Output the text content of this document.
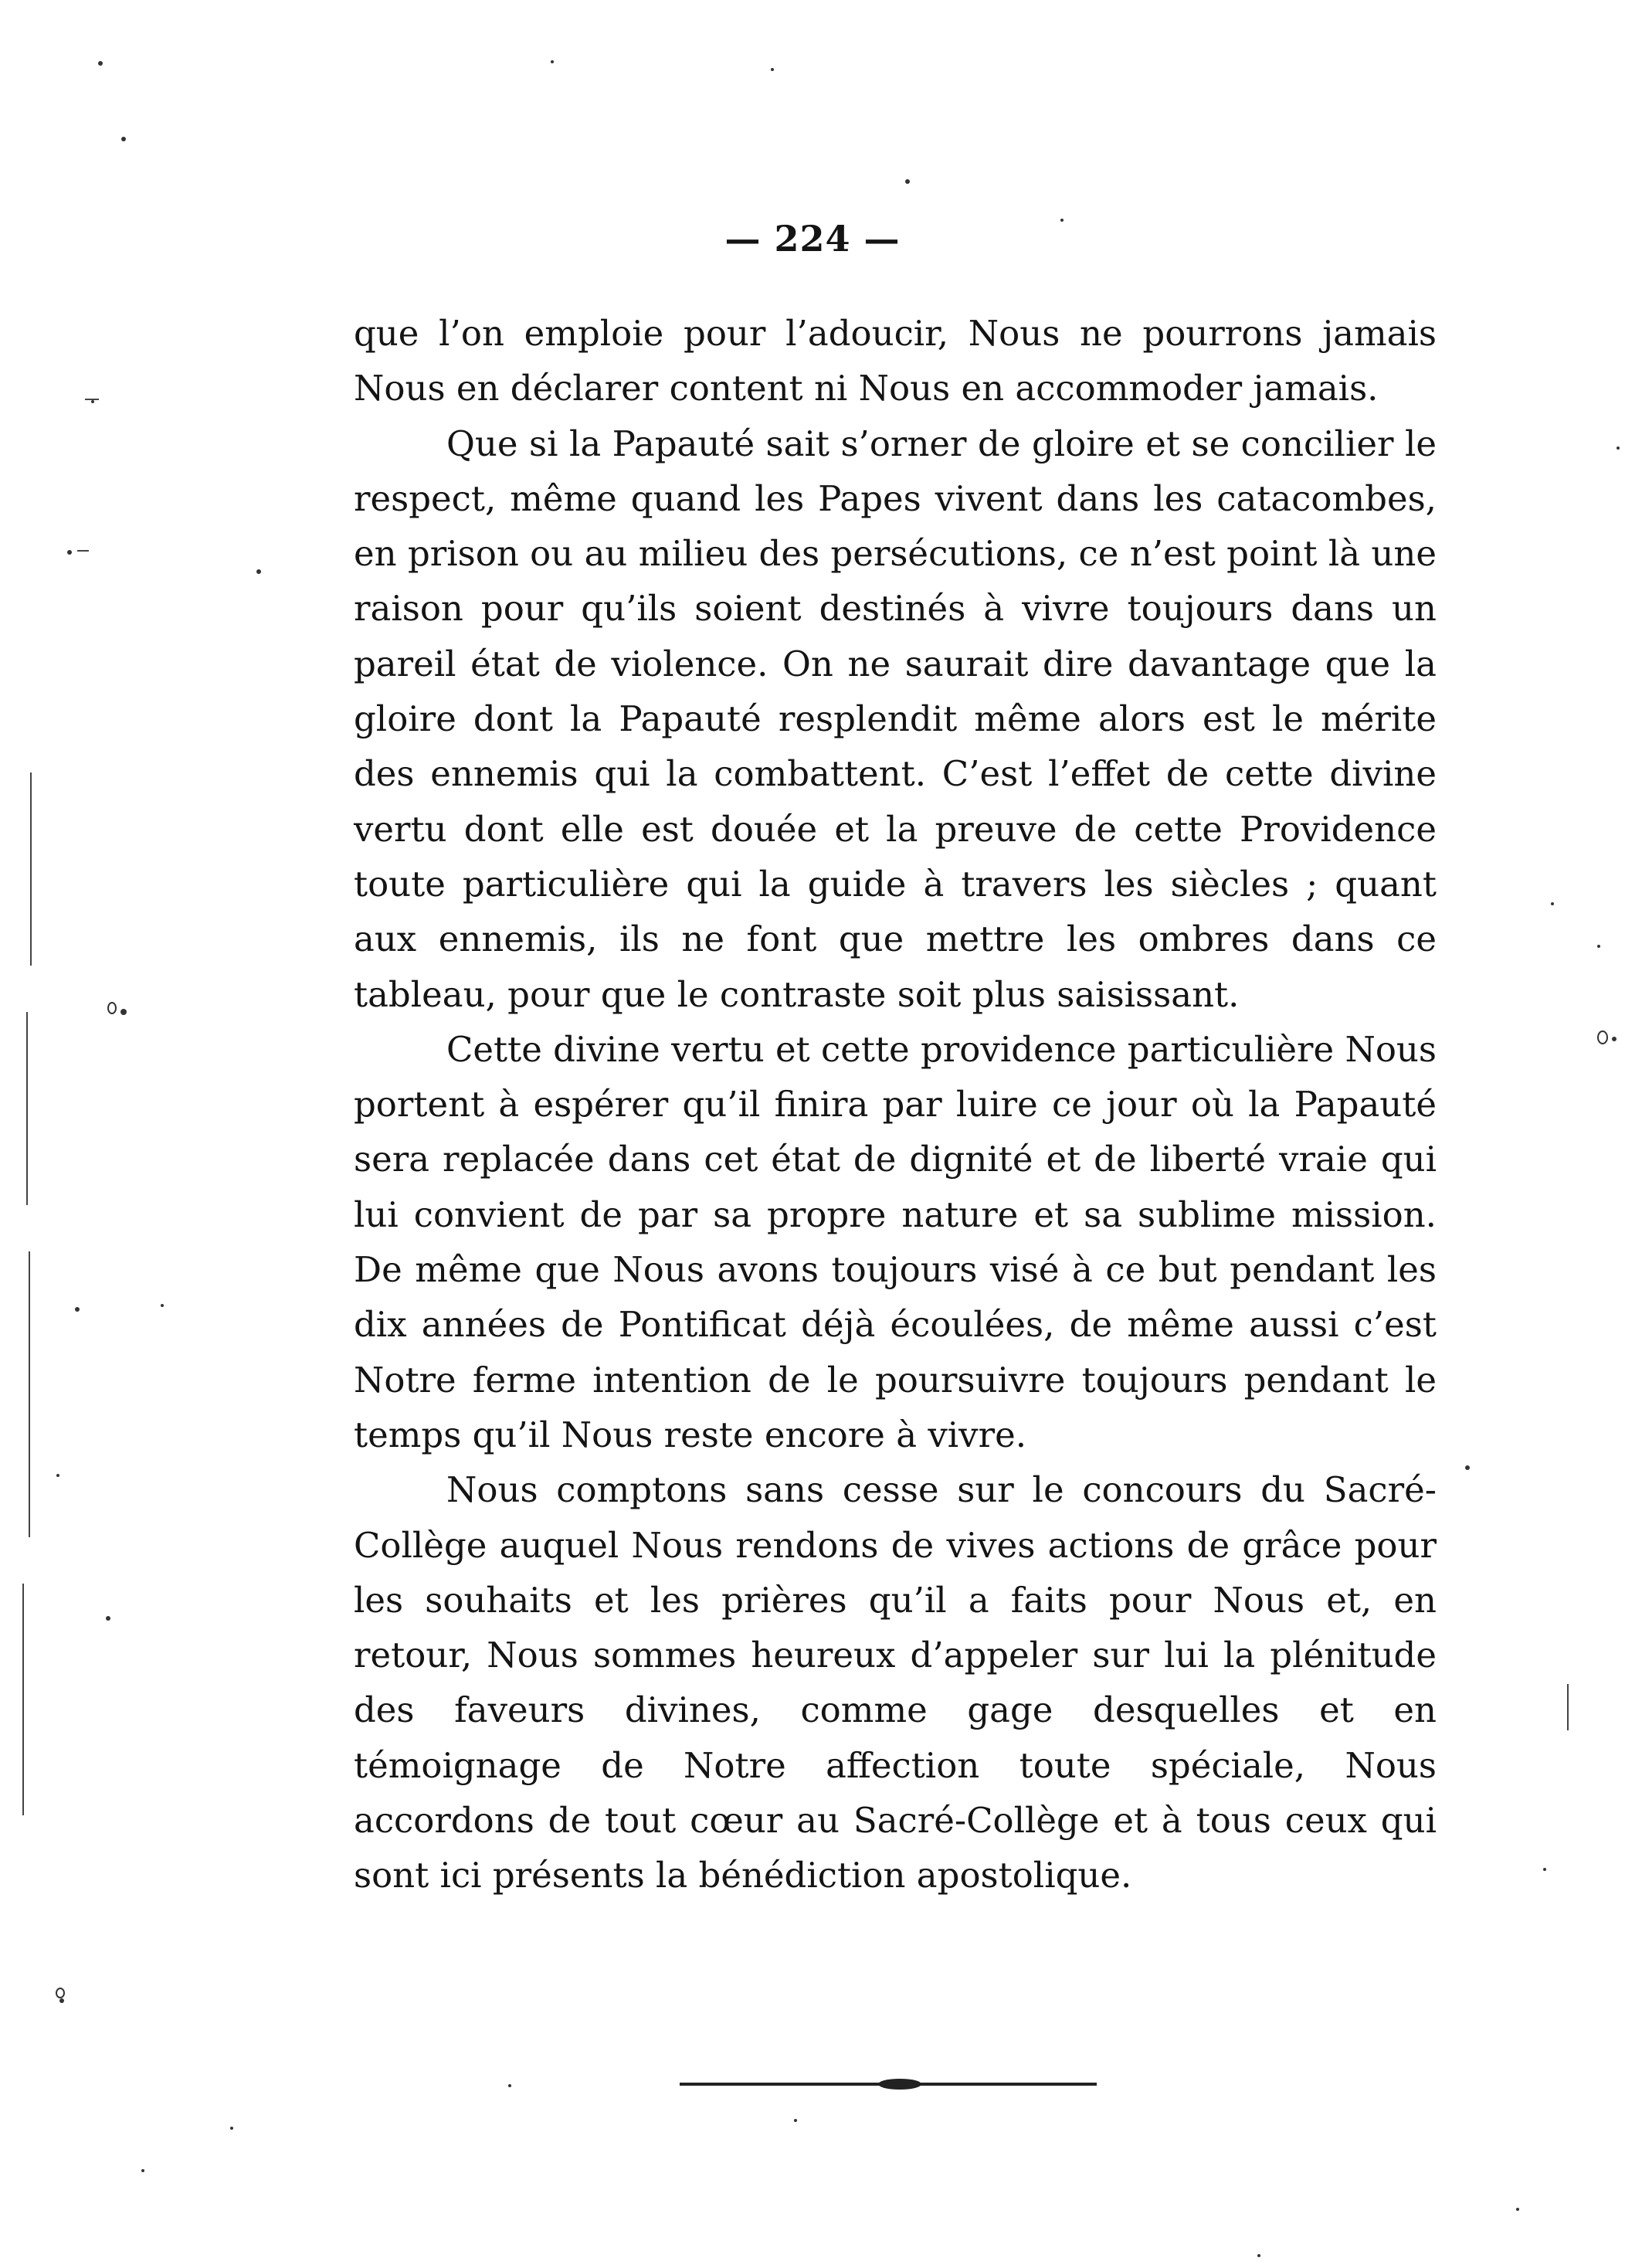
— 224 —

que l’on emploie pour l’adoucir, Nous ne pourrons jamais Nous en déclarer content ni Nous en accommoder jamais.

Que si la Papauté sait s’orner de gloire et se concilier le respect, même quand les Papes vivent dans les catacombes, en prison ou au milieu des persécutions, ce n’est point là une raison pour qu’ils soient destinés à vivre toujours dans un pareil état de violence. On ne saurait dire davantage que la gloire dont la Papauté resplendit même alors est le mérite des ennemis qui la combattent. C’est l’effet de cette divine vertu dont elle est douée et la preuve de cette Providence toute particulière qui la guide à travers les siècles ; quant aux ennemis, ils ne font que mettre les ombres dans ce tableau, pour que le contraste soit plus saisissant.

Cette divine vertu et cette providence particulière Nous portent à espérer qu’il finira par luire ce jour où la Papauté sera replacée dans cet état de dignité et de liberté vraie qui lui convient de par sa propre nature et sa sublime mission. De même que Nous avons toujours visé à ce but pendant les dix années de Pontificat déjà écoulées, de même aussi c’est Notre ferme intention de le poursuivre toujours pendant le temps qu’il Nous reste encore à vivre.

Nous comptons sans cesse sur le concours du Sacré-Collège auquel Nous rendons de vives actions de grâce pour les souhaits et les prières qu’il a faits pour Nous et, en retour, Nous sommes heureux d’appeler sur lui la plénitude des faveurs divines, comme gage desquelles et en témoignage de Notre affection toute spéciale, Nous accordons de tout cœur au Sacré-Collège et à tous ceux qui sont ici présents la bénédiction apostolique.
